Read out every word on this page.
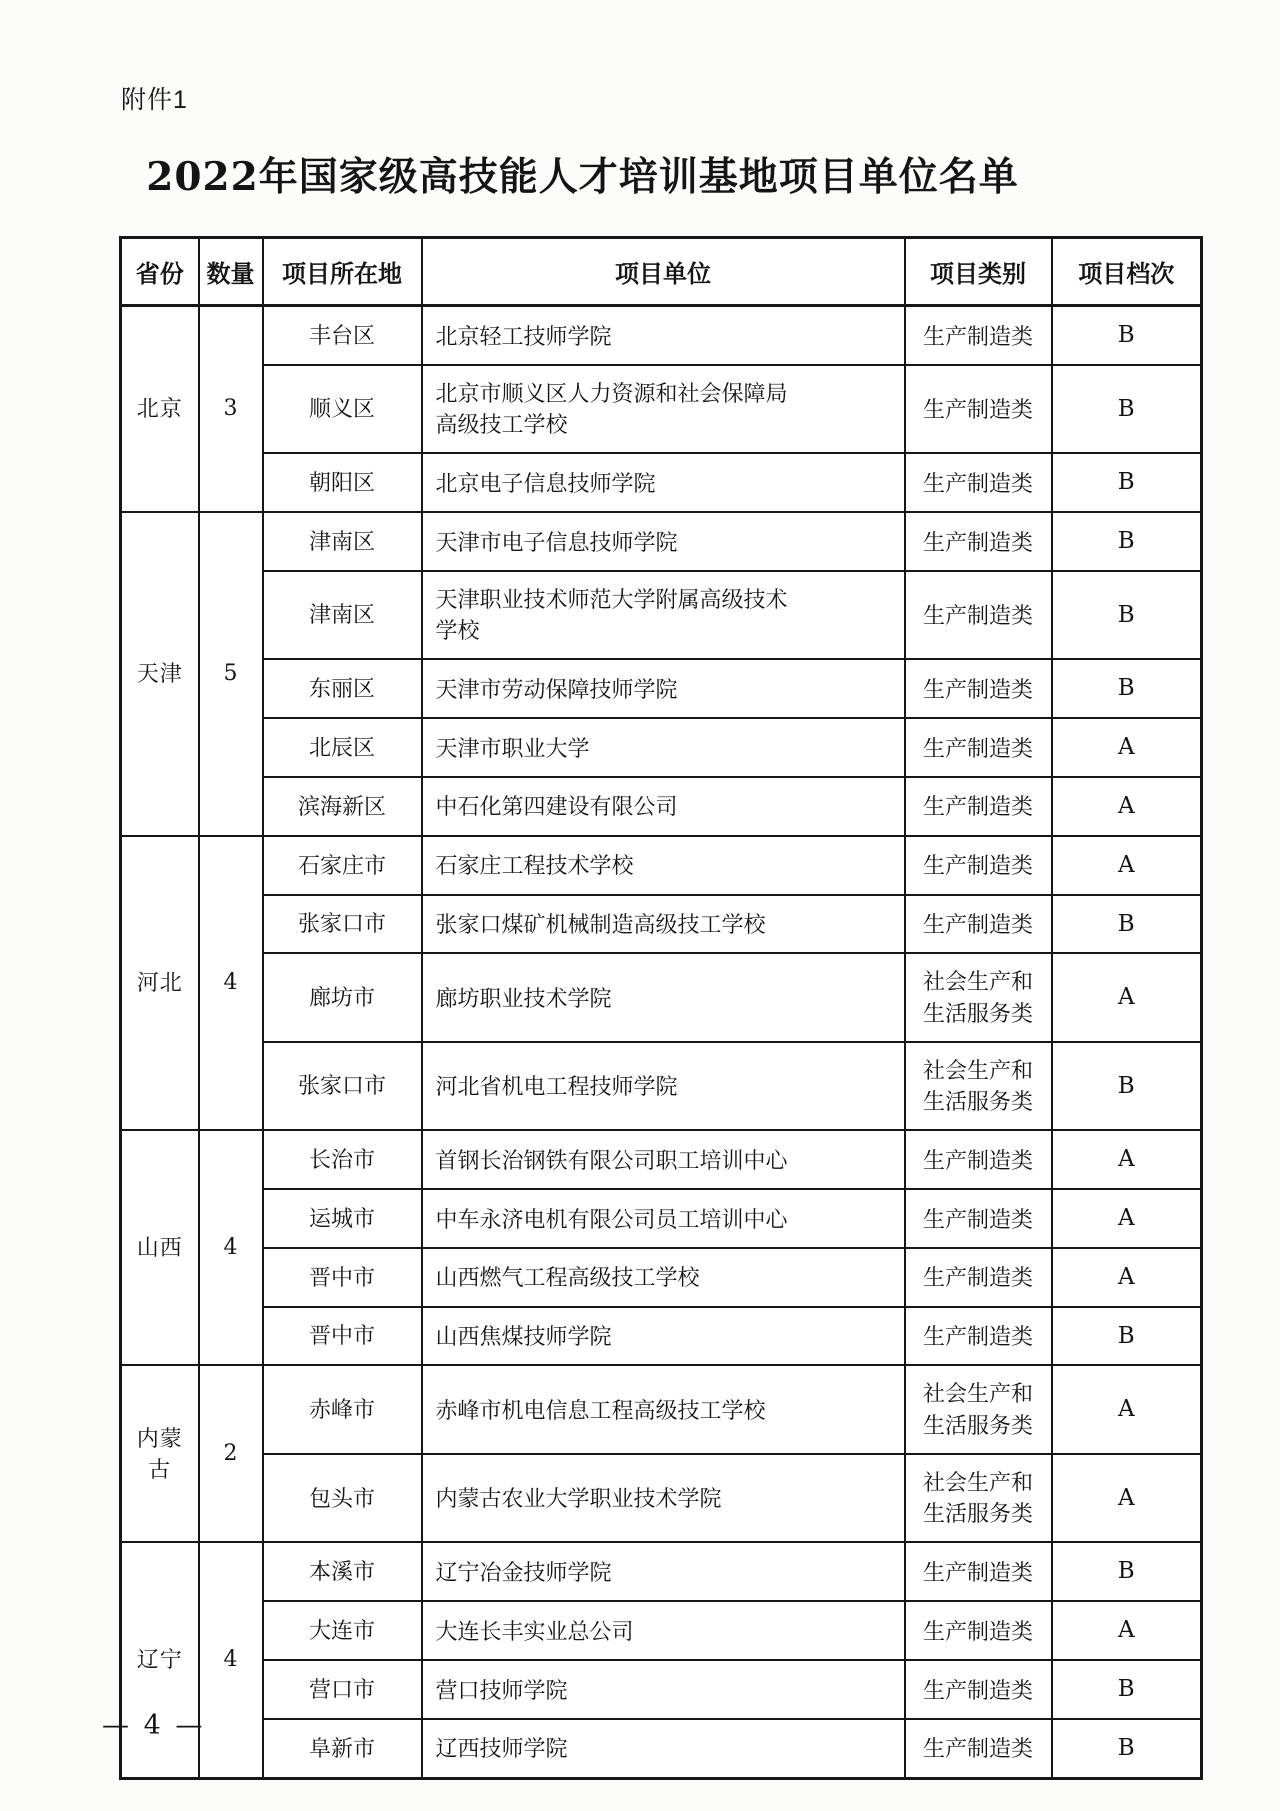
附件1
2022年国家级高技能人才培训基地项目单位名单
省份	数量	项目所在地	项目单位	项目类别	项目档次
北京	3	丰台区	北京轻工技师学院	生产制造类	B
		顺义区	北京市顺义区人力资源和社会保障局高级技工学校	生产制造类	B
		朝阳区	北京电子信息技师学院	生产制造类	B
天津	5	津南区	天津市电子信息技师学院	生产制造类	B
		津南区	天津职业技术师范大学附属高级技术学校	生产制造类	B
		东丽区	天津市劳动保障技师学院	生产制造类	B
		北辰区	天津市职业大学	生产制造类	A
		滨海新区	中石化第四建设有限公司	生产制造类	A
河北	4	石家庄市	石家庄工程技术学校	生产制造类	A
		张家口市	张家口煤矿机械制造高级技工学校	生产制造类	B
		廊坊市	廊坊职业技术学院	社会生产和生活服务类	A
		张家口市	河北省机电工程技师学院	社会生产和生活服务类	B
山西	4	长治市	首钢长治钢铁有限公司职工培训中心	生产制造类	A
		运城市	中车永济电机有限公司员工培训中心	生产制造类	A
		晋中市	山西燃气工程高级技工学校	生产制造类	A
		晋中市	山西焦煤技师学院	生产制造类	B
内蒙古	2	赤峰市	赤峰市机电信息工程高级技工学校	社会生产和生活服务类	A
		包头市	内蒙古农业大学职业技术学院	社会生产和生活服务类	A
辽宁	4	本溪市	辽宁冶金技师学院	生产制造类	B
		大连市	大连长丰实业总公司	生产制造类	A
		营口市	营口技师学院	生产制造类	B
		阜新市	辽西技师学院	生产制造类	B
— 4 —
